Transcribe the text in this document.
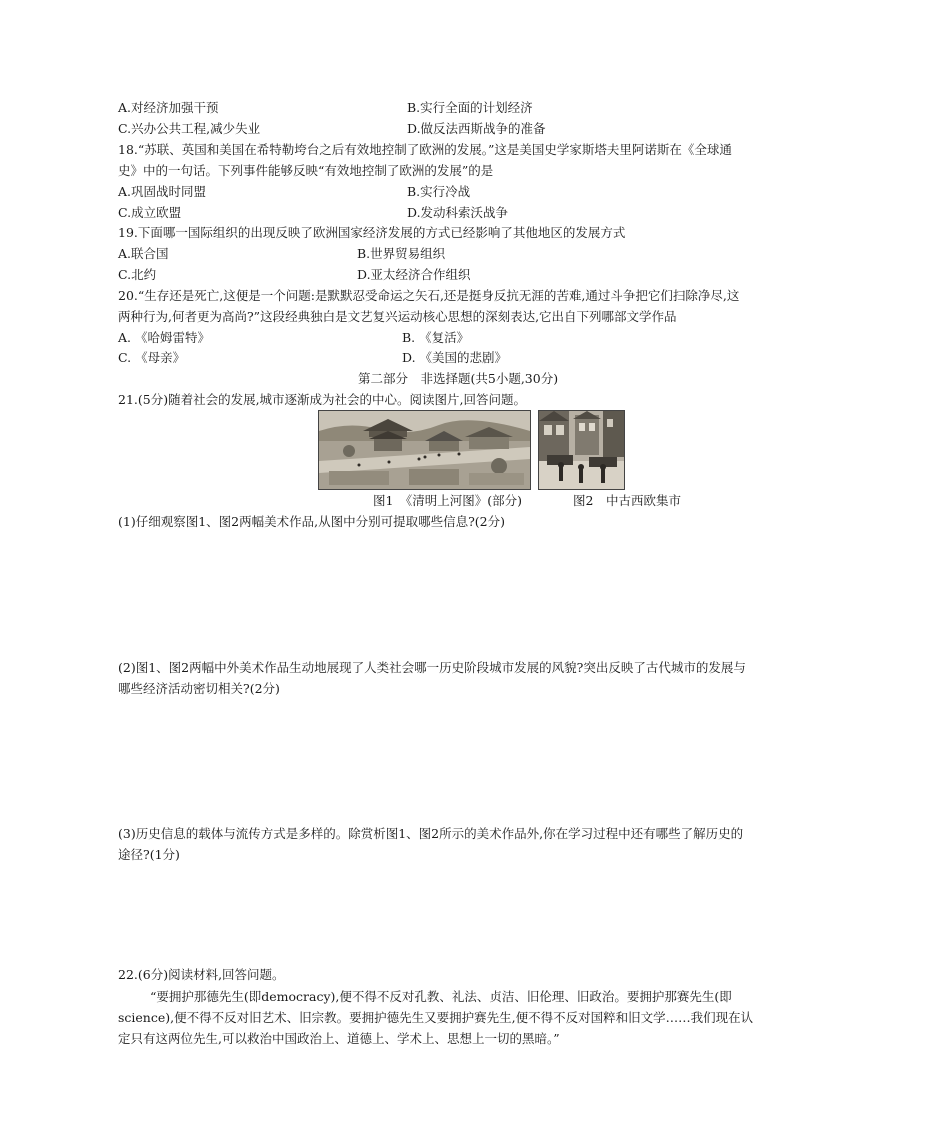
A.对经济加强干预	B.实行全面的计划经济
C.兴办公共工程,减少失业	D.做反法西斯战争的准备
18.“苏联、英国和美国在希特勒垮台之后有效地控制了欧洲的发展。”这是美国史学家斯塔夫里阿诺斯在《全球通
史》中的一句话。下列事件能够反映“有效地控制了欧洲的发展”的是
A.巩固战时同盟	B.实行冷战
C.成立欧盟	D.发动科索沃战争
19.下面哪一国际组织的出现反映了欧洲国家经济发展的方式已经影响了其他地区的发展方式
A.联合国	B.世界贸易组织
C.北约	D.亚太经济合作组织
20.“生存还是死亡,这便是一个问题:是默默忍受命运之矢石,还是挺身反抗无涯的苦难,通过斗争把它们扫除净尽,这
两种行为,何者更为高尚?”这段经典独白是文艺复兴运动核心思想的深刻表达,它出自下列哪部文学作品
A. 《哈姆雷特》	B. 《复活》
C. 《母亲》	D. 《美国的悲剧》
第二部分　非选择题(共5小题,30分)
21.(5分)随着社会的发展,城市逐渐成为社会的中心。阅读图片,回答问题。
图1　《清明上河图》(部分)	图2　中古西欧集市
(1)仔细观察图1、图2两幅美术作品,从图中分别可提取哪些信息?(2分)
(2)图1、图2两幅中外美术作品生动地展现了人类社会哪一历史阶段城市发展的风貌?突出反映了古代城市的发展与
哪些经济活动密切相关?(2分)
(3)历史信息的载体与流传方式是多样的。除赏析图1、图2所示的美术作品外,你在学习过程中还有哪些了解历史的
途径?(1分)
22.(6分)阅读材料,回答问题。
“要拥护那德先生(即democracy),便不得不反对孔教、礼法、贞洁、旧伦理、旧政治。要拥护那赛先生(即
science),便不得不反对旧艺术、旧宗教。要拥护德先生又要拥护赛先生,便不得不反对国粹和旧文学……我们现在认
定只有这两位先生,可以救治中国政治上、道德上、学术上、思想上一切的黑暗。”
